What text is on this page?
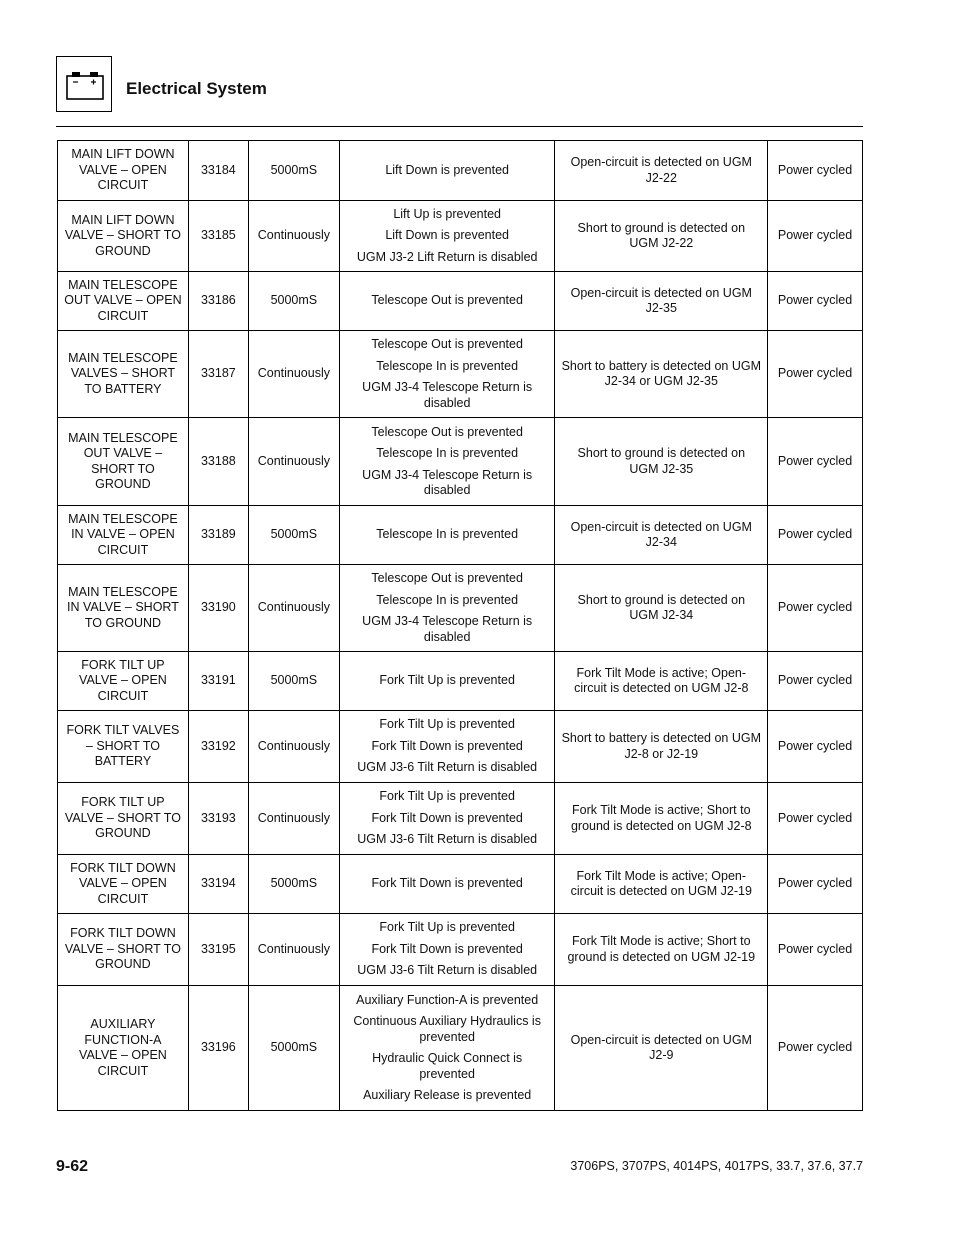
Electrical System
MAIN LIFT DOWN VALVE – OPEN CIRCUIT	33184	5000mS	Lift Down is prevented	Open-circuit is detected on UGM J2-22	Power cycled
MAIN LIFT DOWN VALVE – SHORT TO GROUND	33185	Continuously	Lift Up is prevented
Lift Down is prevented
UGM J3-2 Lift Return is disabled	Short to ground is detected on UGM J2-22	Power cycled
MAIN TELESCOPE OUT VALVE – OPEN CIRCUIT	33186	5000mS	Telescope Out is prevented	Open-circuit is detected on UGM J2-35	Power cycled
MAIN TELESCOPE VALVES – SHORT TO BATTERY	33187	Continuously	Telescope Out is prevented
Telescope In is prevented
UGM J3-4 Telescope Return is disabled	Short to battery is detected on UGM J2-34 or UGM J2-35	Power cycled
MAIN TELESCOPE OUT VALVE – SHORT TO GROUND	33188	Continuously	Telescope Out is prevented
Telescope In is prevented
UGM J3-4 Telescope Return is disabled	Short to ground is detected on UGM J2-35	Power cycled
MAIN TELESCOPE IN VALVE – OPEN CIRCUIT	33189	5000mS	Telescope In is prevented	Open-circuit is detected on UGM J2-34	Power cycled
MAIN TELESCOPE IN VALVE – SHORT TO GROUND	33190	Continuously	Telescope Out is prevented
Telescope In is prevented
UGM J3-4 Telescope Return is disabled	Short to ground is detected on UGM J2-34	Power cycled
FORK TILT UP VALVE – OPEN CIRCUIT	33191	5000mS	Fork Tilt Up is prevented	Fork Tilt Mode is active; Open-circuit is detected on UGM J2-8	Power cycled
FORK TILT VALVES – SHORT TO BATTERY	33192	Continuously	Fork Tilt Up is prevented
Fork Tilt Down is prevented
UGM J3-6 Tilt Return is disabled	Short to battery is detected on UGM J2-8 or J2-19	Power cycled
FORK TILT UP VALVE – SHORT TO GROUND	33193	Continuously	Fork Tilt Up is prevented
Fork Tilt Down is prevented
UGM J3-6 Tilt Return is disabled	Fork Tilt Mode is active; Short to ground is detected on UGM J2-8	Power cycled
FORK TILT DOWN VALVE – OPEN CIRCUIT	33194	5000mS	Fork Tilt Down is prevented	Fork Tilt Mode is active; Open-circuit is detected on UGM J2-19	Power cycled
FORK TILT DOWN VALVE – SHORT TO GROUND	33195	Continuously	Fork Tilt Up is prevented
Fork Tilt Down is prevented
UGM J3-6 Tilt Return is disabled	Fork Tilt Mode is active; Short to ground is detected on UGM J2-19	Power cycled
AUXILIARY FUNCTION-A VALVE – OPEN CIRCUIT	33196	5000mS	Auxiliary Function-A is prevented
Continuous Auxiliary Hydraulics is prevented
Hydraulic Quick Connect is prevented
Auxiliary Release is prevented	Open-circuit is detected on UGM J2-9	Power cycled
9-62	3706PS, 3707PS, 4014PS, 4017PS, 33.7, 37.6, 37.7
